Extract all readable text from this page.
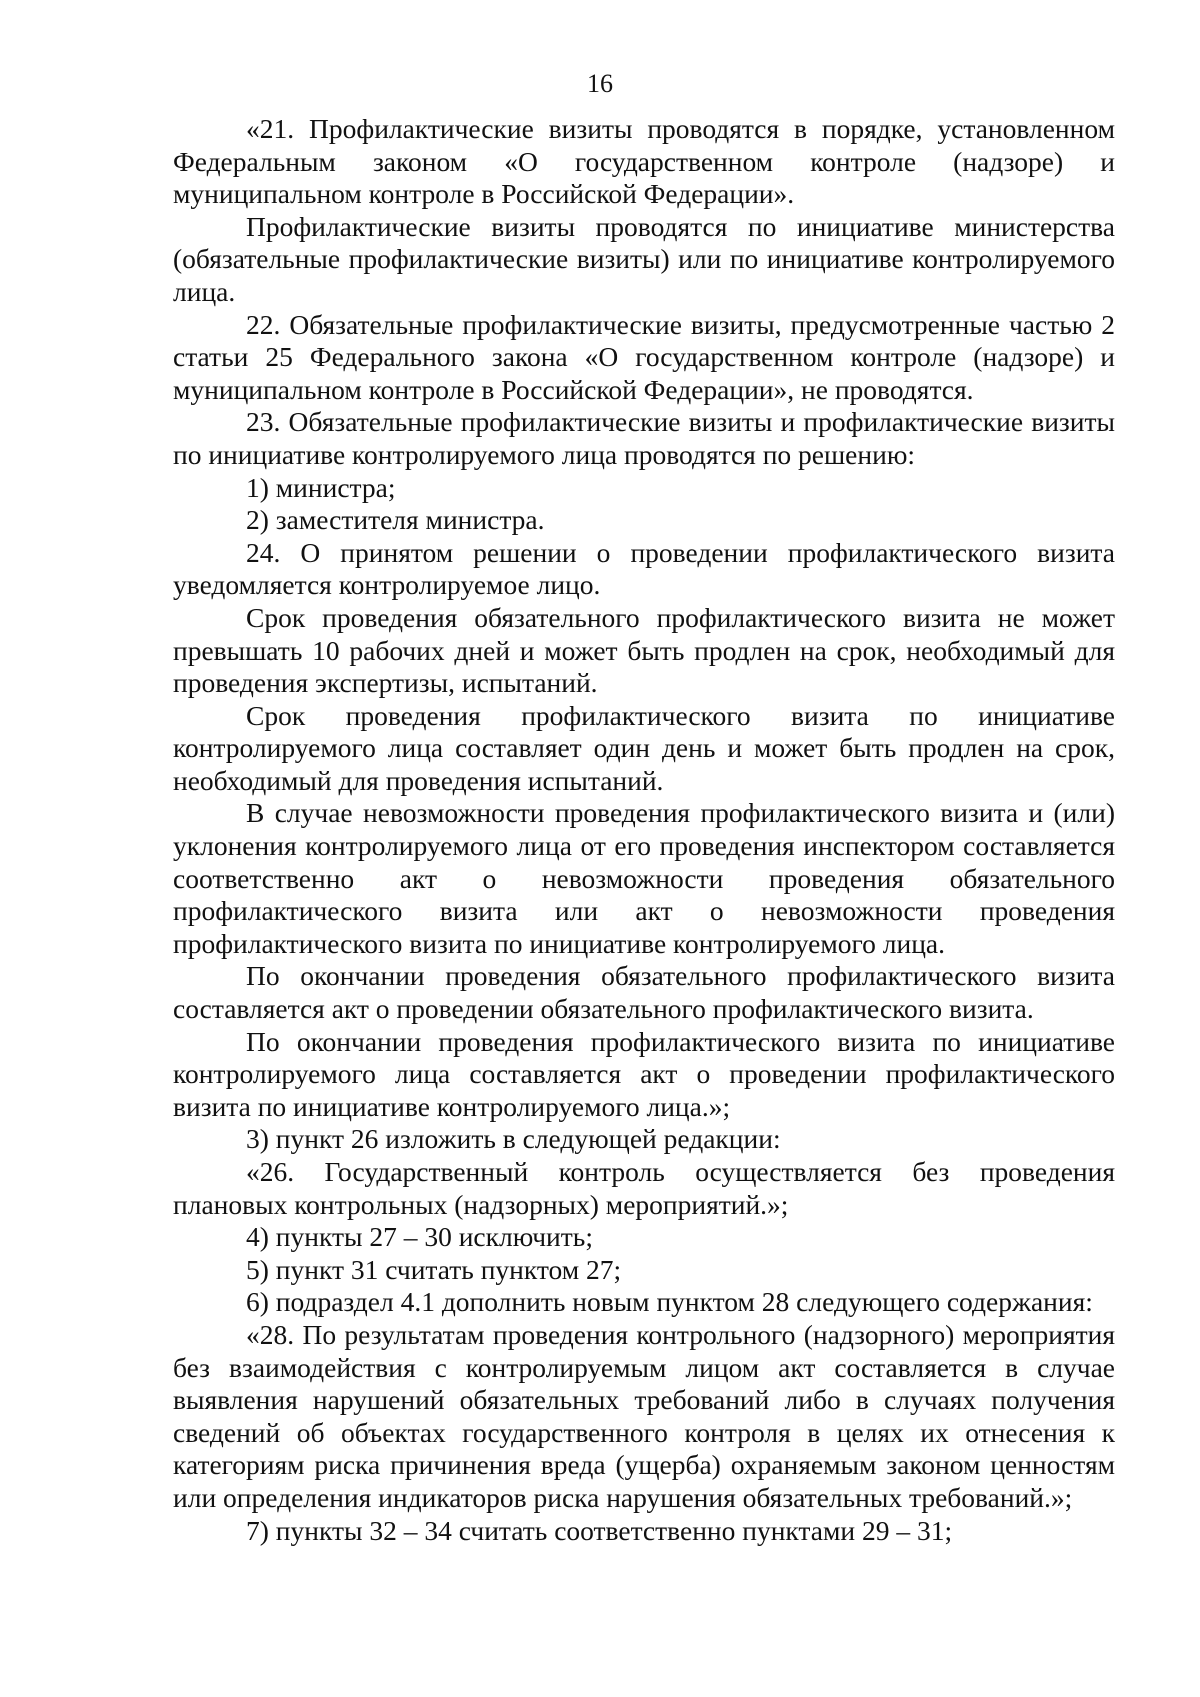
16

«21. Профилактические визиты проводятся в порядке, установленном Федеральным законом «О государственном контроле (надзоре) и муниципальном контроле в Российской Федерации».

Профилактические визиты проводятся по инициативе министерства (обязательные профилактические визиты) или по инициативе контролируемого лица.

22. Обязательные профилактические визиты, предусмотренные частью 2 статьи 25 Федерального закона «О государственном контроле (надзоре) и муниципальном контроле в Российской Федерации», не проводятся.

23. Обязательные профилактические визиты и профилактические визиты по инициативе контролируемого лица проводятся по решению:

1) министра;

2) заместителя министра.

24. О принятом решении о проведении профилактического визита уведомляется контролируемое лицо.

Срок проведения обязательного профилактического визита не может превышать 10 рабочих дней и может быть продлен на срок, необходимый для проведения экспертизы, испытаний.

Срок проведения профилактического визита по инициативе контролируемого лица составляет один день и может быть продлен на срок, необходимый для проведения испытаний.

В случае невозможности проведения профилактического визита и (или) уклонения контролируемого лица от его проведения инспектором составляется соответственно акт о невозможности проведения обязательного профилактического визита или акт о невозможности проведения профилактического визита по инициативе контролируемого лица.

По окончании проведения обязательного профилактического визита составляется акт о проведении обязательного профилактического визита.

По окончании проведения профилактического визита по инициативе контролируемого лица составляется акт о проведении профилактического визита по инициативе контролируемого лица.»;

3) пункт 26 изложить в следующей редакции:

«26. Государственный контроль осуществляется без проведения плановых контрольных (надзорных) мероприятий.»;

4) пункты 27 – 30 исключить;

5) пункт 31 считать пунктом 27;

6) подраздел 4.1 дополнить новым пунктом 28 следующего содержания:

«28. По результатам проведения контрольного (надзорного) мероприятия без взаимодействия с контролируемым лицом акт составляется в случае выявления нарушений обязательных требований либо в случаях получения сведений об объектах государственного контроля в целях их отнесения к категориям риска причинения вреда (ущерба) охраняемым законом ценностям или определения индикаторов риска нарушения обязательных требований.»;

7) пункты 32 – 34 считать соответственно пунктами 29 – 31;
